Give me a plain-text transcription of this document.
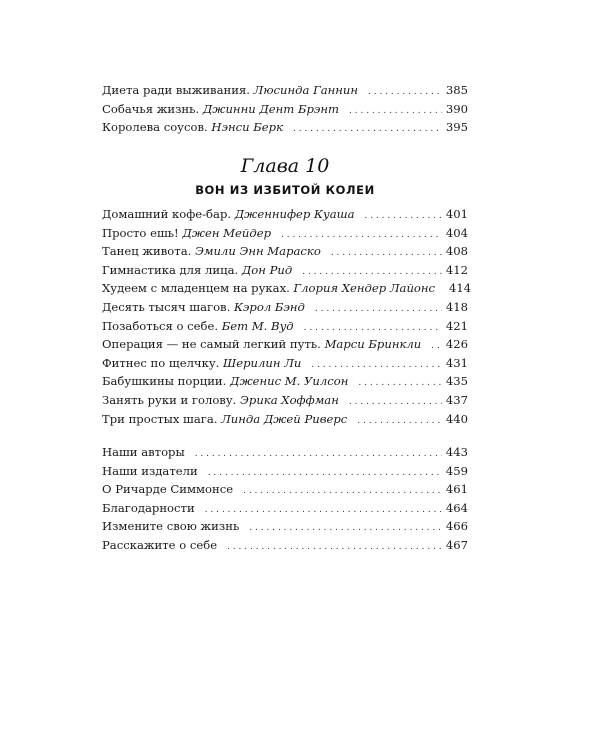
Диета ради выживания. Люсинда Ганнин . . .	385
Собачья жизнь. Джинни Дент Брэнт . . .	390
Королева соусов. Нэнси Берк . . .	395
Глава 10
ВОН ИЗ ИЗБИТОЙ КОЛЕИ
Домашний кофе-бар. Дженнифер Куаша . . .	401
Просто ешь! Джен Мейдер . . .	404
Танец живота. Эмили Энн Мараско . . .	408
Гимнастика для лица. Дон Рид . . .	412
Худеем с младенцем на руках. Глория Хендер Лайонс 414
Десять тысяч шагов. Кэрол Бэнд . . .	418
Позаботься о себе. Бет М. Вуд . . .	421
Операция — не самый легкий путь. Марси Бринкли . . . 426
Фитнес по щелчку. Шерилин Ли . . .	431
Бабушкины порции. Дженис М. Уилсон . . .	435
Занять руки и голову. Эрика Хоффман . . .	437
Три простых шага. Линда Джей Риверс . . .	440
Наши авторы . . .	443
Наши издатели . . .	459
О Ричарде Симмонсе . . .	461
Благодарности . . .	464
Измените свою жизнь . . .	466
Расскажите о себе . . .	467
